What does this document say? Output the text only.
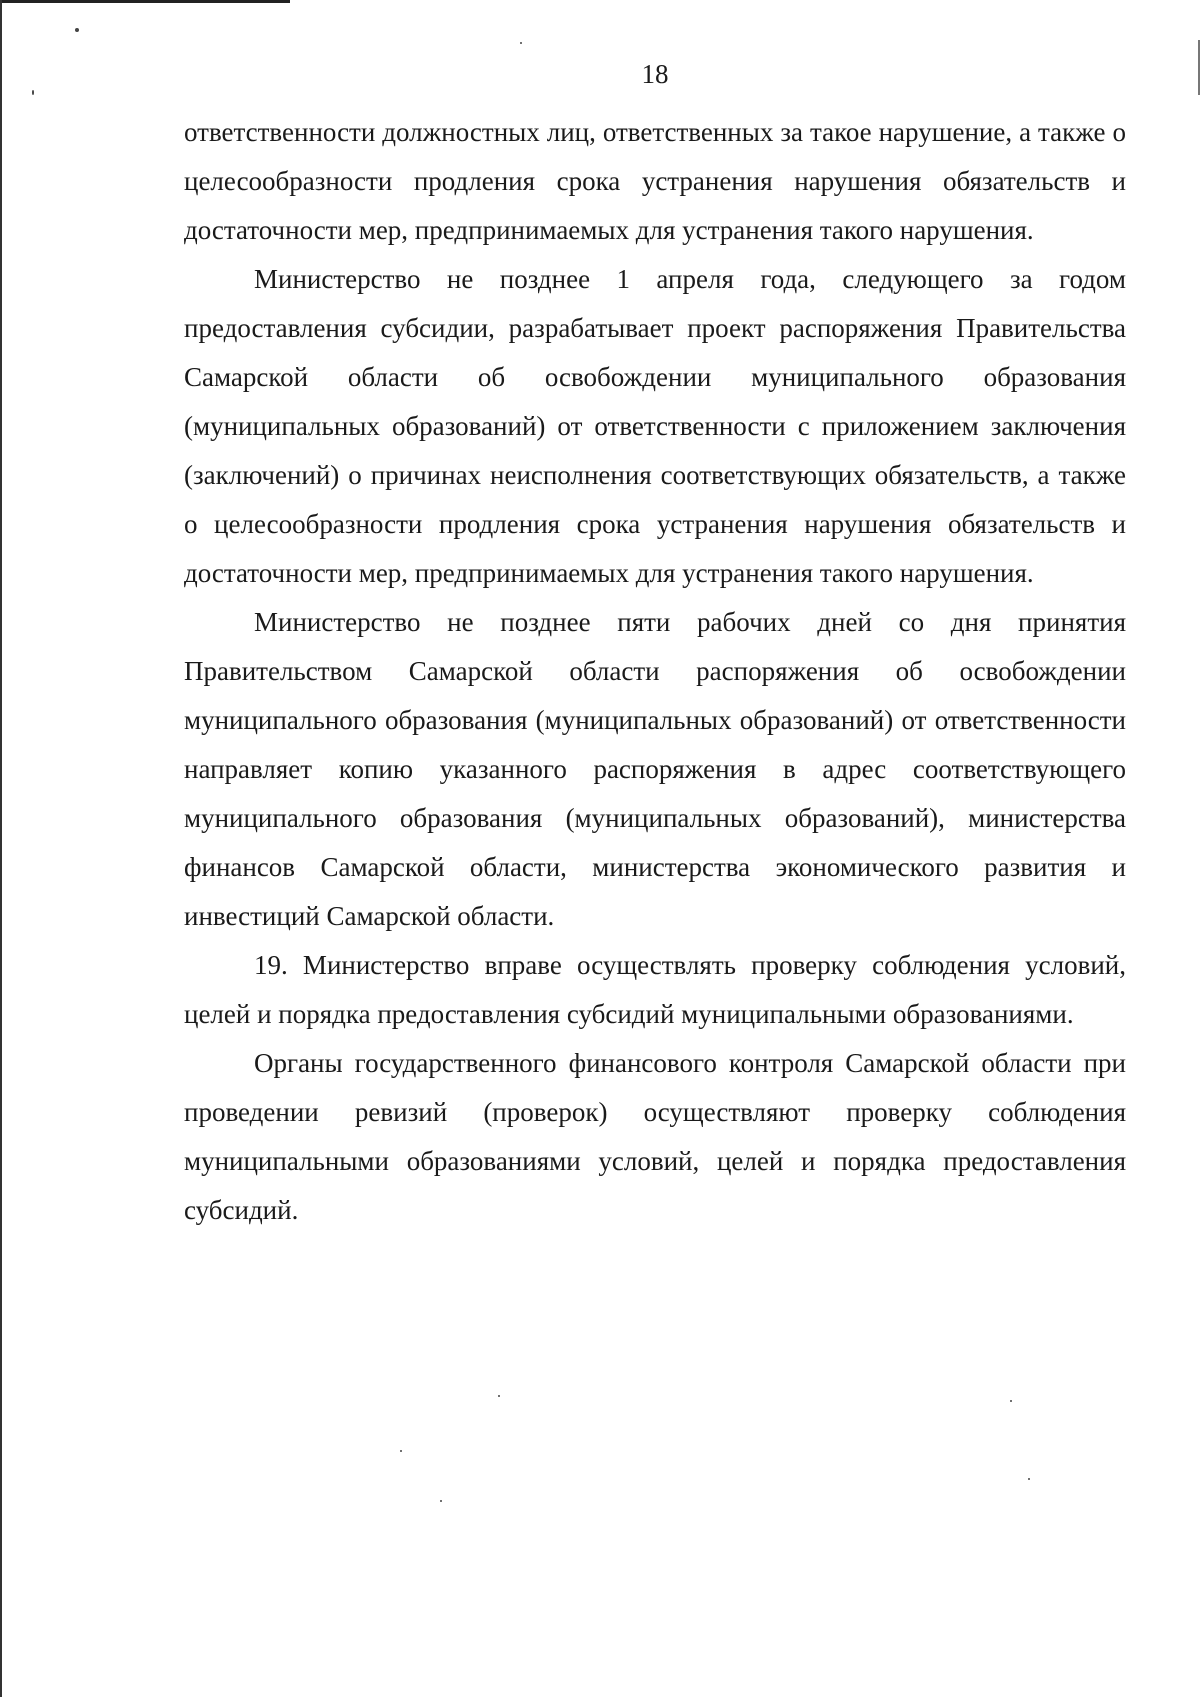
18

ответственности должностных лиц, ответственных за такое нарушение, а также о целесообразности продления срока устранения нарушения обязательств и достаточности мер, предпринимаемых для устранения такого нарушения.

Министерство не позднее 1 апреля года, следующего за годом предоставления субсидии, разрабатывает проект распоряжения Правительства Самарской области об освобождении муниципального образования (муниципальных образований) от ответственности с приложением заключения (заключений) о причинах неисполнения соответствующих обязательств, а также о целесообразности продления срока устранения нарушения обязательств и достаточности мер, предпринимаемых для устранения такого нарушения.

Министерство не позднее пяти рабочих дней со дня принятия Правительством Самарской области распоряжения об освобождении муниципального образования (муниципальных образований) от ответственности направляет копию указанного распоряжения в адрес соответствующего муниципального образования (муниципальных образований), министерства финансов Самарской области, министерства экономического развития и инвестиций Самарской области.

19. Министерство вправе осуществлять проверку соблюдения условий, целей и порядка предоставления субсидий муниципальными образованиями.

Органы государственного финансового контроля Самарской области при проведении ревизий (проверок) осуществляют проверку соблюдения муниципальными образованиями условий, целей и порядка предоставления субсидий.
